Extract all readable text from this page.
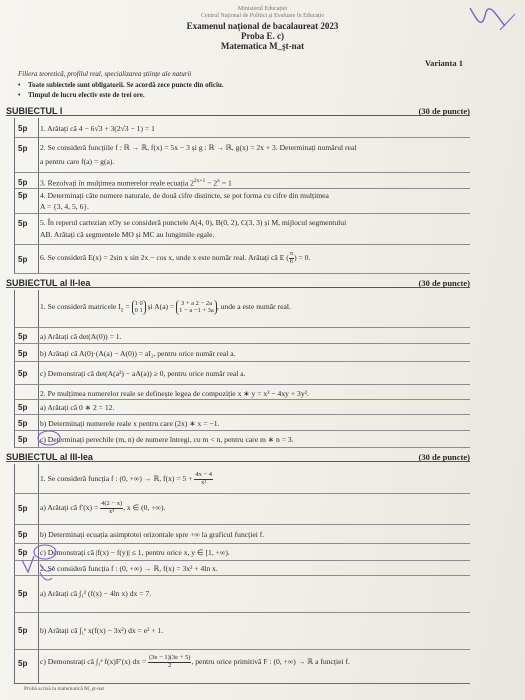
Ministerul Educației
Centrul Național de Politici și Evaluare în Educație
Examenul național de bacalaureat 2023
Proba E. c)
Matematica M_şt-nat
Varianta 1
Filiera teoretică, profilul real, specializarea științe ale naturii
• Toate subiectele sunt obligatorii. Se acordă zece puncte din oficiu.
• Timpul de lucru efectiv este de trei ore.
SUBIECTUL I	(30 de puncte)
5p 1. Arătați că 4 − 6√3 + 3(2√3 − 1) = 1
5p 2. Se consideră funcțiile f : ℝ → ℝ, f(x) = 5x − 3 și g : ℝ → ℝ, g(x) = 2x + 3. Determinați numărul real
a pentru care f(a) = g(a).
5p 3. Rezolvați în mulțimea numerelor reale ecuația $2^{2x+1} - 2^x = 1$
5p 4. Determinați câte numere naturale, de două cifre distincte, se pot forma cu cifre din mulțimea
A = {3, 4, 5, 6}.
5p 5. În reperul cartezian xOy se consideră punctele A(4, 0), B(0, 2), C(3, 3) și M, mijlocul segmentului
AB. Arătați că segmentele MO și MC au lungimile egale.
5p 6. Se consideră E(x) = 2sin x sin 2x − cos x, unde x este număr real. Arătați că E ( $\frac{\pi}{6}$ ) = 0.
SUBIECTUL al II-lea	(30 de puncte)
1. Se consideră matricele $I_2 = 1$ 0
0 1 și A(a) = 3 + a 2 − 2a
1 − a −1 + 3a , unde a este număr real.
5p a) Arătați că det(A(0)) = 1.
5p b) Arătați că A(0)·(A(a) − A(0)) = aI₂, pentru orice număr real a.
5p c) Demonstrați că det(A(a²) − aA(a)) ≥ 0, pentru orice număr real a.
2. Pe mulțimea numerelor reale se definește legea de compoziție x ∗ y = x² − 4xy + 3y².
5p a) Arătați că 0 ∗ 2 = 12.
5p b) Determinați numerele reale x pentru care (2x) ∗ x = −1.
5p c) Determinați perechile (m, n) de numere întregi, cu m < n, pentru care m ∗ n = 3.
SUBIECTUL al III-lea	(30 de puncte)
1. Se consideră funcția f : (0, +∞) → ℝ, $f(x) = 5 + \frac{4x - 4}{\text{x²}}$
5p a) Arătați că $f'(x) = \frac{4(2 - x)}{\text{x³}}$ , x ∈ (0, +∞).
5p b) Determinați ecuația asimptotei orizontale spre +∞ la graficul funcției f.
5p c) Demonstrați că |f(x) − f(y)| ≤ 1, pentru orice x, y ∈ [1, +∞).
2. Se consideră funcția f : (0, +∞) → ℝ, f(x) = 3x² + 4ln x.
5p a) Arătați că ∫₁² (f(x) − 4ln x) dx = 7.
5p b) Arătați că ∫₁ᵉ x(f(x) − 3x²) dx = e² + 1.
5p c) Demonstrați că ∫₁ᵉ f(x)F′(x) dx = $\frac{(3e - 1)(3e + 5)}{2}$ , pentru orice primitivă F : (0, +∞) → ℝ a funcției f.
Probă scrisă la matematică M_şt-nat
